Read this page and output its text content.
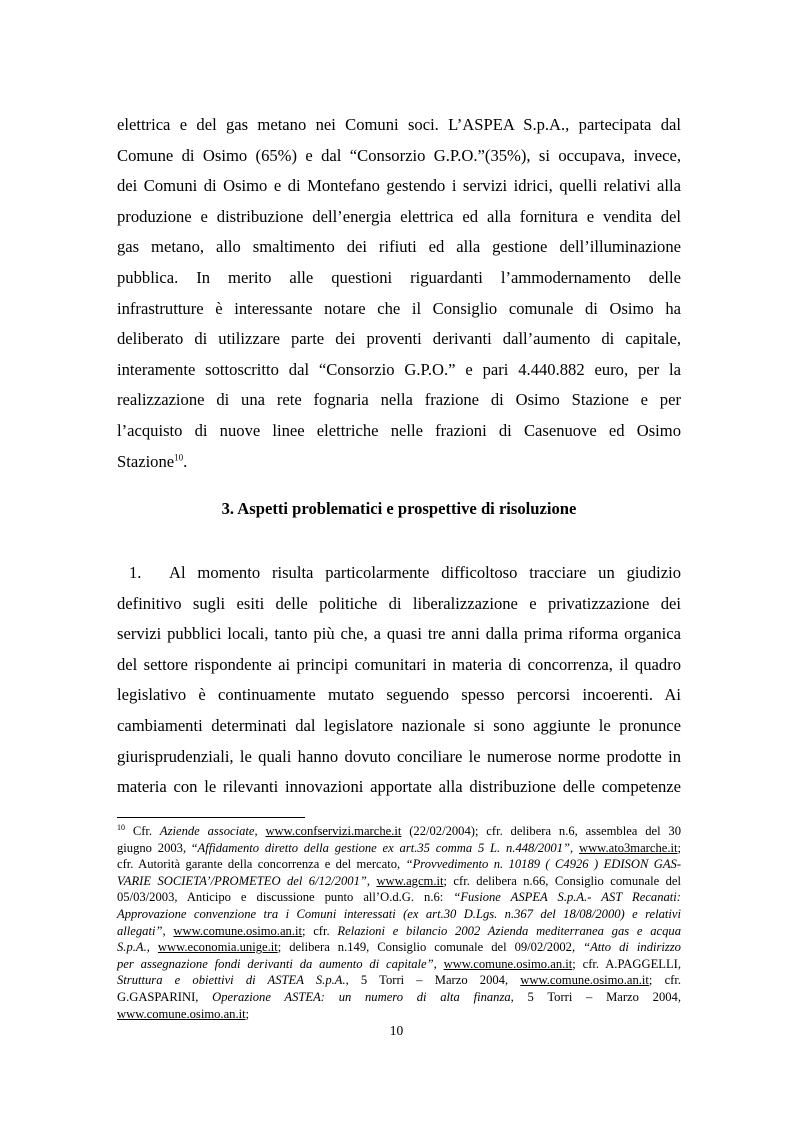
elettrica e del gas metano nei Comuni soci. L’ASPEA S.p.A., partecipata dal
Comune di Osimo (65%) e dal “Consorzio G.P.O.”(35%), si occupava, invece,
dei Comuni di Osimo e di Montefano gestendo i servizi idrici, quelli relativi alla
produzione e distribuzione dell’energia elettrica ed alla fornitura e vendita del
gas metano, allo smaltimento dei rifiuti ed alla gestione dell’illuminazione
pubblica. In merito alle questioni riguardanti l’ammodernamento delle
infrastrutture è interessante notare che il Consiglio comunale di Osimo ha
deliberato di utilizzare parte dei proventi derivanti dall’aumento di capitale,
interamente sottoscritto dal “Consorzio G.P.O.” e pari 4.440.882 euro, per la
realizzazione di una rete fognaria nella frazione di Osimo Stazione e per
l’acquisto di nuove linee elettriche nelle frazioni di Casenuove ed Osimo
Stazione$^{10}$.
3. Aspetti problematici e prospettive di risoluzione
1. Al momento risulta particolarmente difficoltoso tracciare un giudizio
definitivo sugli esiti delle politiche di liberalizzazione e privatizzazione dei
servizi pubblici locali, tanto più che, a quasi tre anni dalla prima riforma organica
del settore rispondente ai principi comunitari in materia di concorrenza, il quadro
legislativo è continuamente mutato seguendo spesso percorsi incoerenti. Ai
cambiamenti determinati dal legislatore nazionale si sono aggiunte le pronunce
giurisprudenziali, le quali hanno dovuto conciliare le numerose norme prodotte in
materia con le rilevanti innovazioni apportate alla distribuzione delle competenze
$^{10}$ Cfr. Aziende associate, www.confservizi.marche.it (22/02/2004); cfr. delibera n.6, assemblea del 30
giugno 2003, “Affidamento diretto della gestione ex art.35 comma 5 L. n.448/2001”, www.ato3marche.it;
cfr. Autorità garante della concorrenza e del mercato, “Provvedimento n. 10189 ( C4926 ) EDISON GAS-
VARIE SOCIETA’/PROMETEO del 6/12/2001”, www.agcm.it; cfr. delibera n.66, Consiglio comunale del
05/03/2003, Anticipo e discussione punto all’O.d.G. n.6: “Fusione ASPEA S.p.A.- AST Recanati:
Approvazione convenzione tra i Comuni interessati (ex art.30 D.Lgs. n.367 del 18/08/2000) e relativi
allegati”, www.comune.osimo.an.it; cfr. Relazioni e bilancio 2002 Azienda mediterranea gas e acqua
S.p.A., www.economia.unige.it; delibera n.149, Consiglio comunale del 09/02/2002, “Atto di indirizzo
per assegnazione fondi derivanti da aumento di capitale”, www.comune.osimo.an.it; cfr. A.PAGGELLI,
Struttura e obiettivi di ASTEA S.p.A., 5 Torri – Marzo 2004, www.comune.osimo.an.it; cfr.
G.GASPARINI, Operazione ASTEA: un numero di alta finanza, 5 Torri – Marzo 2004,
www.comune.osimo.an.it;
10
